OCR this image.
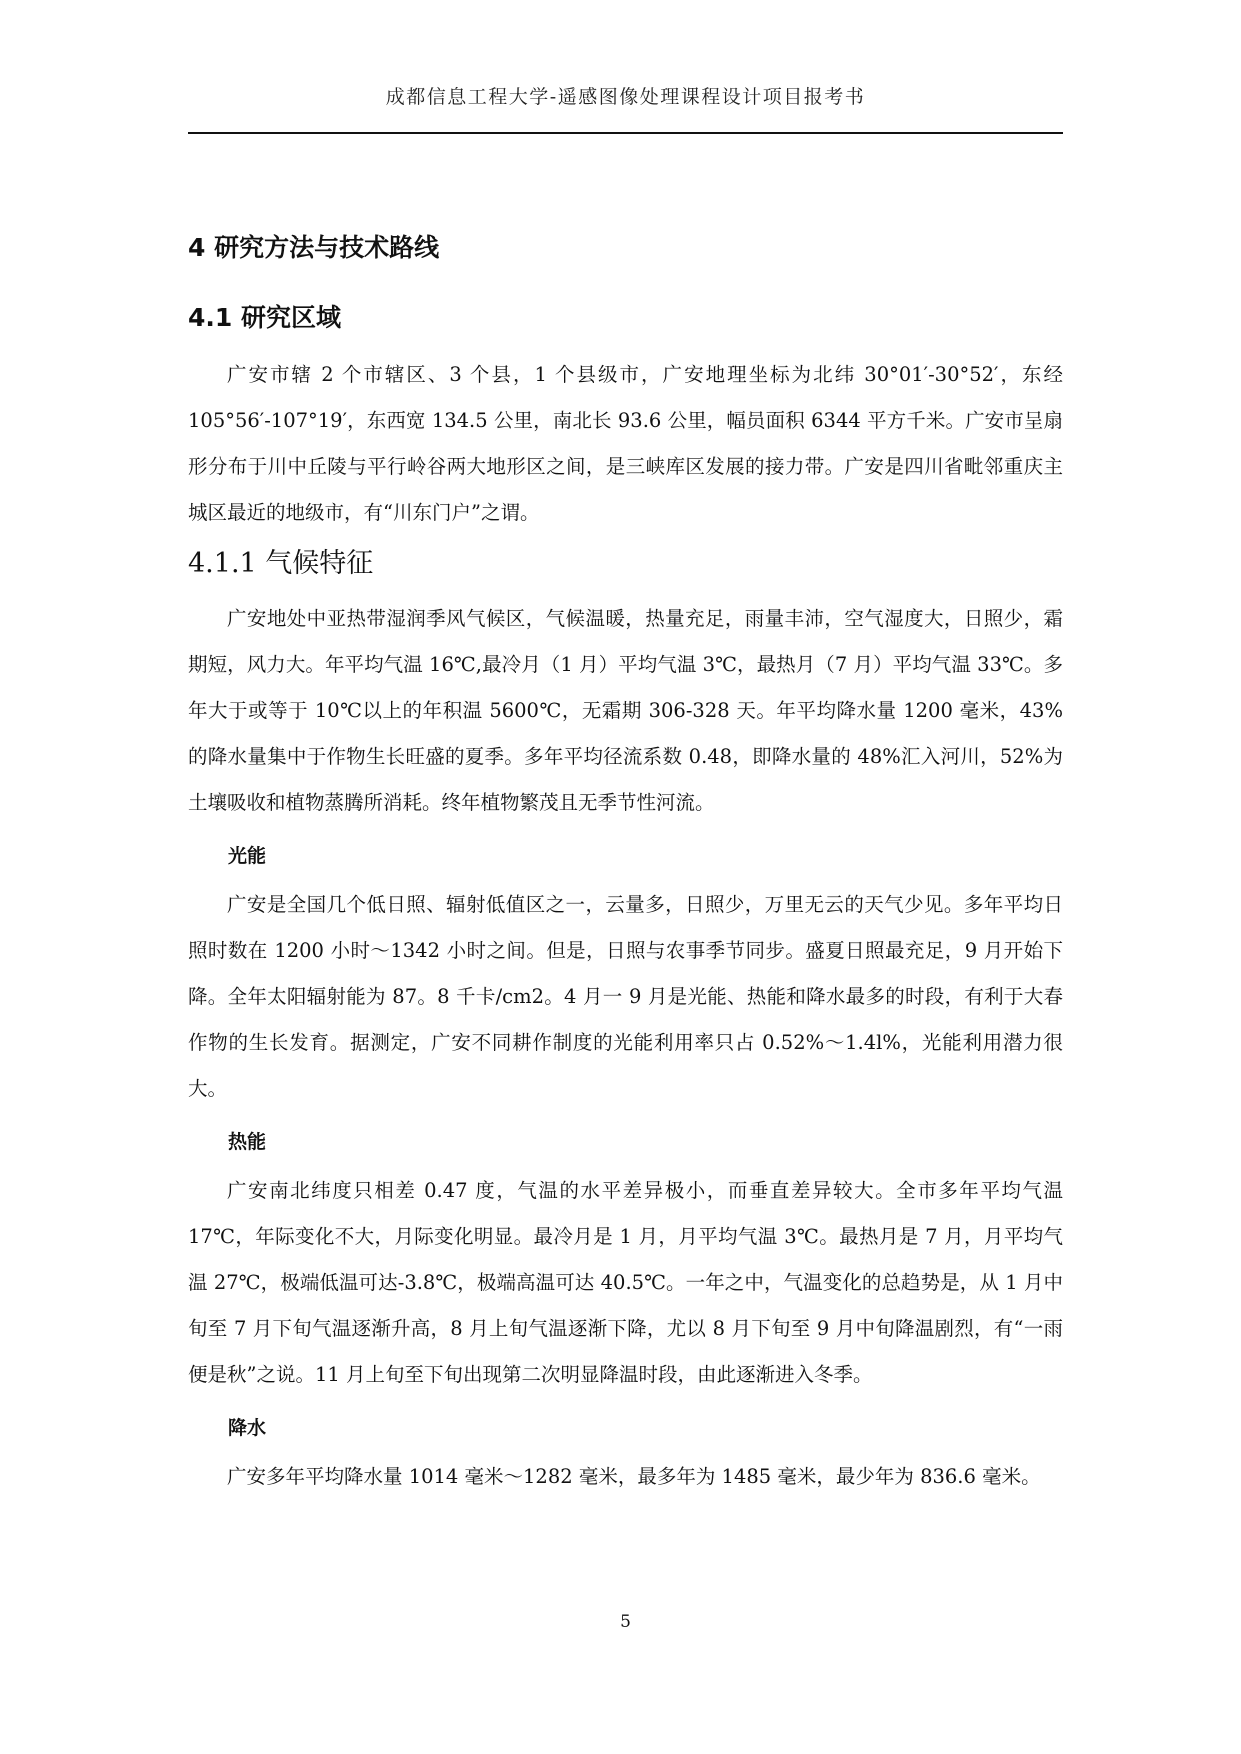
成都信息工程大学-遥感图像处理课程设计项目报考书
4 研究方法与技术路线
4.1 研究区域

广安市辖 2 个市辖区、3 个县，1 个县级市，广安地理坐标为北纬 30°01′-30°52′，东经 105°56′-107°19′，东西宽 134.5 公里，南北长 93.6 公里，幅员面积 6344 平方千米。广安市呈扇形分布于川中丘陵与平行岭谷两大地形区之间，是三峡库区发展的接力带。广安是四川省毗邻重庆主城区最近的地级市，有“川东门户”之谓。

4.1.1 气候特征

广安地处中亚热带湿润季风气候区，气候温暖，热量充足，雨量丰沛，空气湿度大，日照少，霜期短，风力大。年平均气温 16℃,最冷月（1 月）平均气温 3℃，最热月（7 月）平均气温 33℃。多年大于或等于 10℃以上的年积温 5600℃，无霜期 306-328 天。年平均降水量 1200 毫米，43%的降水量集中于作物生长旺盛的夏季。多年平均径流系数 0.48，即降水量的 48%汇入河川，52%为土壤吸收和植物蒸腾所消耗。终年植物繁茂且无季节性河流。

光能

广安是全国几个低日照、辐射低值区之一，云量多，日照少，万里无云的天气少见。多年平均日照时数在 1200 小时～1342 小时之间。但是，日照与农事季节同步。盛夏日照最充足，9 月开始下降。全年太阳辐射能为 87。8 千卡/cm2。4 月一 9 月是光能、热能和降水最多的时段，有利于大春作物的生长发育。据测定，广安不同耕作制度的光能利用率只占 0.52%～1.4l%，光能利用潜力很大。

热能

广安南北纬度只相差 0.47 度，气温的水平差异极小，而垂直差异较大。全市多年平均气温 17℃，年际变化不大，月际变化明显。最冷月是 1 月，月平均气温 3℃。最热月是 7 月，月平均气温 27℃，极端低温可达-3.8℃，极端高温可达 40.5℃。一年之中，气温变化的总趋势是，从 1 月中旬至 7 月下旬气温逐渐升高，8 月上旬气温逐渐下降，尤以 8 月下旬至 9 月中旬降温剧烈，有“一雨便是秋”之说。11 月上旬至下旬出现第二次明显降温时段，由此逐渐进入冬季。

降水

广安多年平均降水量 1014 毫米～1282 毫米，最多年为 1485 毫米，最少年为 836.6 毫米。

5
